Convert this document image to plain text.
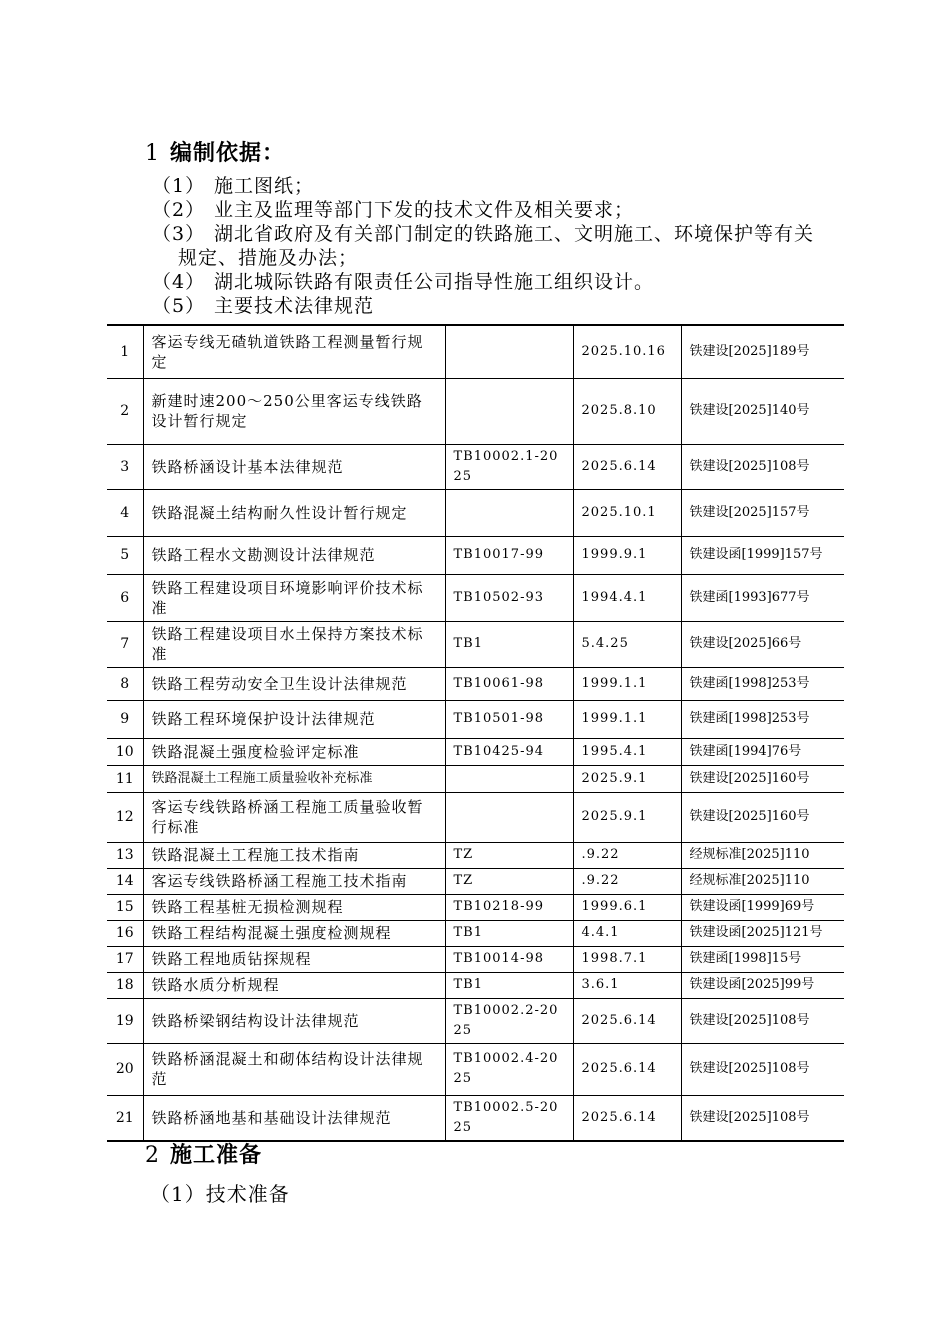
1 编制依据：
（1） 施工图纸；
（2） 业主及监理等部门下发的技术文件及相关要求；
（3） 湖北省政府及有关部门制定的铁路施工、文明施工、环境保护等有关规定、措施及办法；
（4） 湖北城际铁路有限责任公司指导性施工组织设计。
（5） 主要技术法律规范
1	客运专线无碴轨道铁路工程测量暂行规定		2025.10.16	铁建设[2025]189号
2	新建时速200～250公里客运专线铁路设计暂行规定		2025.8.10	铁建设[2025]140号
3	铁路桥涵设计基本法律规范	TB10002.1-2025	2025.6.14	铁建设[2025]108号
4	铁路混凝土结构耐久性设计暂行规定		2025.10.1	铁建设[2025]157号
5	铁路工程水文勘测设计法律规范	TB10017-99	1999.9.1	铁建设函[1999]157号
6	铁路工程建设项目环境影响评价技术标准	TB10502-93	1994.4.1	铁建函[1993]677号
7	铁路工程建设项目水土保持方案技术标准	TB1	5.4.25	铁建设[2025]66号
8	铁路工程劳动安全卫生设计法律规范	TB10061-98	1999.1.1	铁建函[1998]253号
9	铁路工程环境保护设计法律规范	TB10501-98	1999.1.1	铁建函[1998]253号
10	铁路混凝土强度检验评定标准	TB10425-94	1995.4.1	铁建函[1994]76号
11	铁路混凝土工程施工质量验收补充标准		2025.9.1	铁建设[2025]160号
12	客运专线铁路桥涵工程施工质量验收暂行标准		2025.9.1	铁建设[2025]160号
13	铁路混凝土工程施工技术指南	TZ	.9.22	经规标准[2025]110
14	客运专线铁路桥涵工程施工技术指南	TZ	.9.22	经规标准[2025]110
15	铁路工程基桩无损检测规程	TB10218-99	1999.6.1	铁建设函[1999]69号
16	铁路工程结构混凝土强度检测规程	TB1	4.4.1	铁建设函[2025]121号
17	铁路工程地质钻探规程	TB10014-98	1998.7.1	铁建函[1998]15号
18	铁路水质分析规程	TB1	3.6.1	铁建设函[2025]99号
19	铁路桥梁钢结构设计法律规范	TB10002.2-2025	2025.6.14	铁建设[2025]108号
20	铁路桥涵混凝土和砌体结构设计法律规范	TB10002.4-2025	2025.6.14	铁建设[2025]108号
21	铁路桥涵地基和基础设计法律规范	TB10002.5-2025	2025.6.14	铁建设[2025]108号
2 施工准备
（1）技术准备
